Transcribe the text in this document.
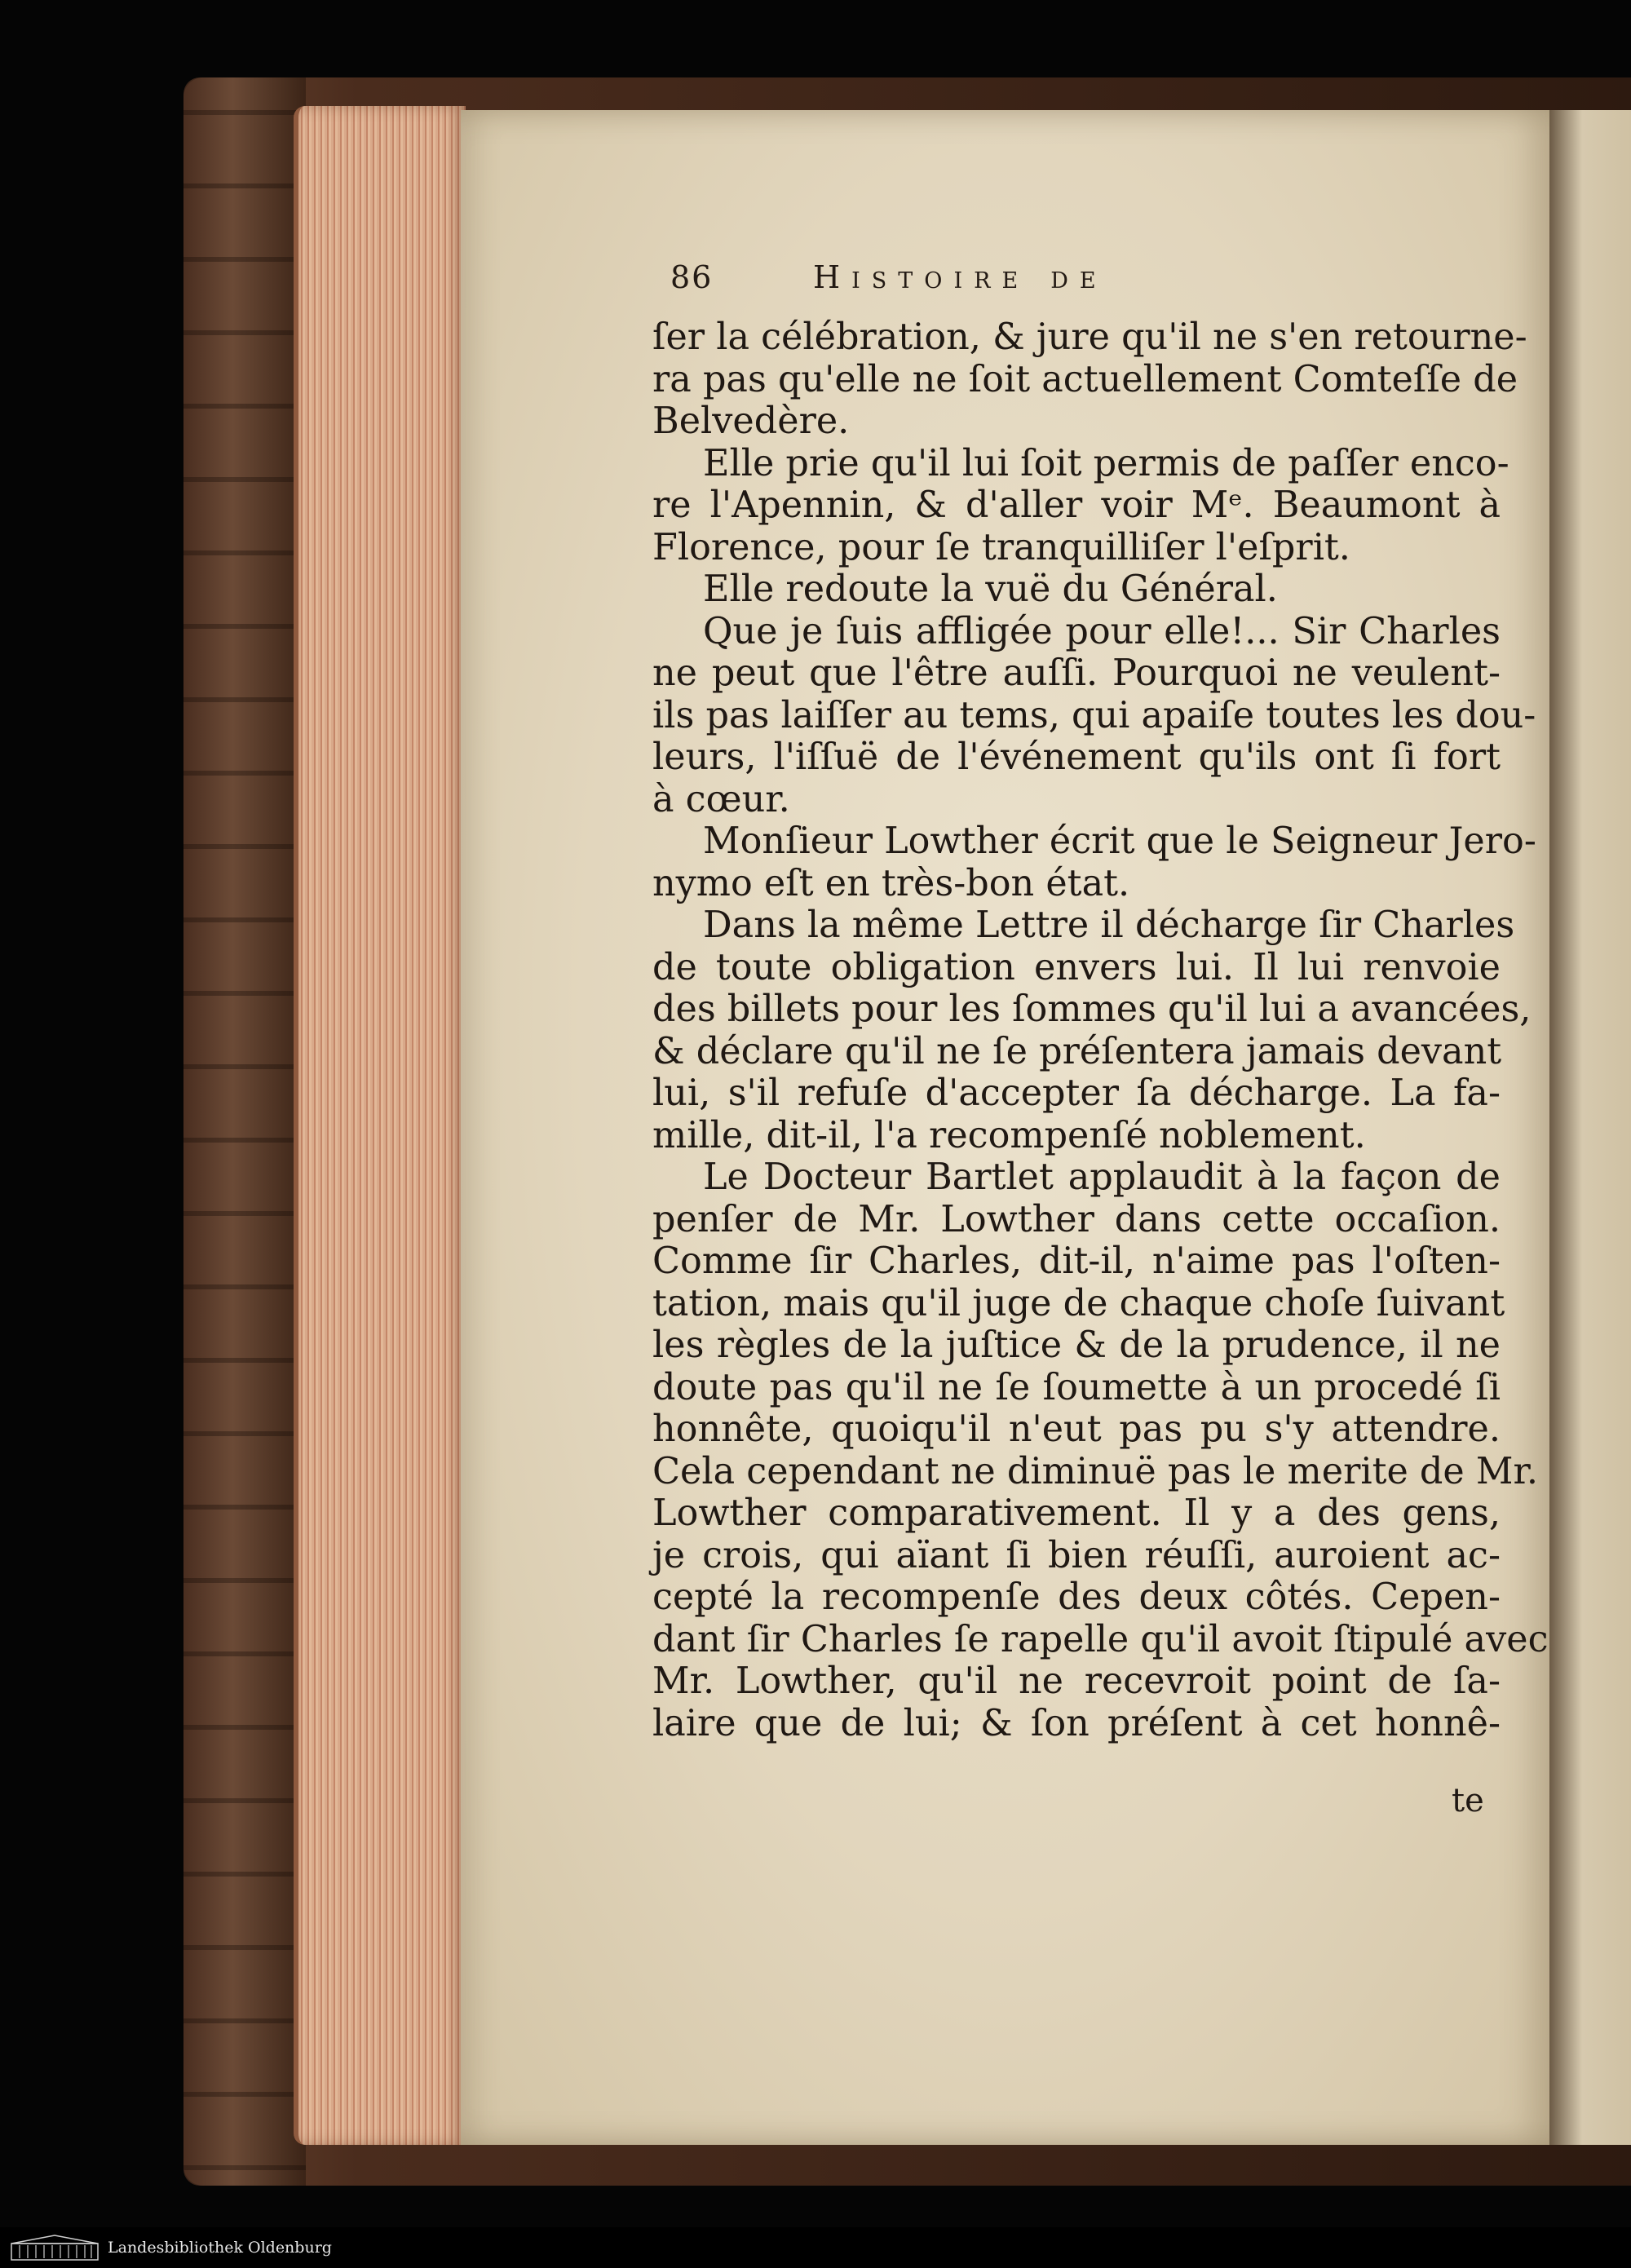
86	Histoire de
ſer la célébration, & jure qu'il ne s'en retourne-
ra pas qu'elle ne ſoit actuellement Comteſſe de
Belvedère.
Elle prie qu'il lui ſoit permis de paſſer enco-
re l'Apennin, & d'aller voir Mᵉ. Beaumont à
Florence, pour ſe tranquilliſer l'eſprit.
Elle redoute la vuë du Général.
Que je ſuis affligée pour elle!... Sir Charles
ne peut que l'être auſſi. Pourquoi ne veulent-
ils pas laiſſer au tems, qui apaiſe toutes les dou-
leurs, l'iſſuë de l'événement qu'ils ont ſi fort
à cœur.
Monſieur Lowther écrit que le Seigneur Jero-
nymo eſt en très-bon état.
Dans la même Lettre il décharge ſir Charles
de toute obligation envers lui. Il lui renvoie
des billets pour les ſommes qu'il lui a avancées,
& déclare qu'il ne ſe préſentera jamais devant
lui, s'il refuſe d'accepter ſa décharge. La fa-
mille, dit-il, l'a recompenſé noblement.
Le Docteur Bartlet applaudit à la façon de
penſer de Mr. Lowther dans cette occaſion.
Comme ſir Charles, dit-il, n'aime pas l'oſten-
tation, mais qu'il juge de chaque choſe ſuivant
les règles de la juſtice & de la prudence, il ne
doute pas qu'il ne ſe ſoumette à un procedé ſi
honnête, quoiqu'il n'eut pas pu s'y attendre.
Cela cependant ne diminuë pas le merite de Mr.
Lowther comparativement. Il y a des gens,
je crois, qui aïant ſi bien réuſſi, auroient ac-
cepté la recompenſe des deux côtés. Cepen-
dant ſir Charles ſe rapelle qu'il avoit ſtipulé avec
Mr. Lowther, qu'il ne recevroit point de ſa-
laire que de lui; & ſon préſent à cet honnê-
te
Landesbibliothek Oldenburg
